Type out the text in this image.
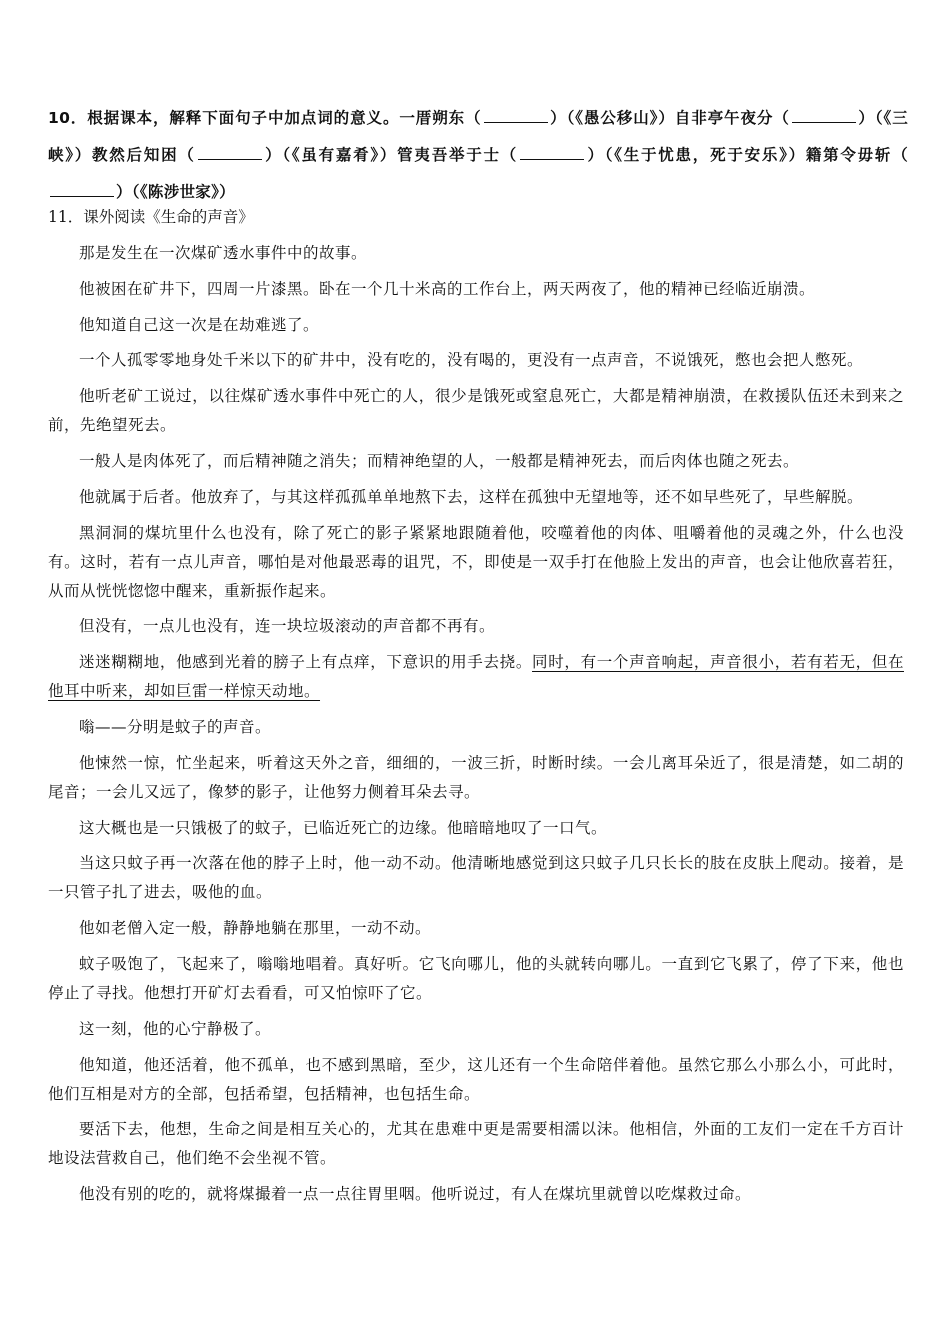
10．根据课本，解释下面句子中加点词的意义。一厝朔东（	）（《愚公移山》）自非亭午夜分（	）（《三峡》）教然后知困（	）（《虽有嘉肴》）管夷吾举于士（	）（《生于忧患，死于安乐》）籍第令毋斩（）（《陈涉世家》）
11．课外阅读《生命的声音》

那是发生在一次煤矿透水事件中的故事。

他被困在矿井下，四周一片漆黑。卧在一个几十米高的工作台上，两天两夜了，他的精神已经临近崩溃。

他知道自己这一次是在劫难逃了。

一个人孤零零地身处千米以下的矿井中，没有吃的，没有喝的，更没有一点声音，不说饿死，憋也会把人憋死。

他听老矿工说过，以往煤矿透水事件中死亡的人，很少是饿死或窒息死亡，大都是精神崩溃，在救援队伍还未到来之前，先绝望死去。

一般人是肉体死了，而后精神随之消失；而精神绝望的人，一般都是精神死去，而后肉体也随之死去。

他就属于后者。他放弃了，与其这样孤孤单单地熬下去，这样在孤独中无望地等，还不如早些死了，早些解脱。

黑洞洞的煤坑里什么也没有，除了死亡的影子紧紧地跟随着他，咬噬着他的肉体、咀嚼着他的灵魂之外，什么也没有。这时，若有一点儿声音，哪怕是对他最恶毒的诅咒，不，即使是一双手打在他脸上发出的声音，也会让他欣喜若狂，从而从恍恍惚惚中醒来，重新振作起来。

但没有，一点儿也没有，连一块垃圾滚动的声音都不再有。

迷迷糊糊地，他感到光着的膀子上有点痒，下意识的用手去挠。同时，有一个声音响起，声音很小，若有若无，但在他耳中听来，却如巨雷一样惊天动地。

嗡——分明是蚊子的声音。

他悚然一惊，忙坐起来，听着这天外之音，细细的，一波三折，时断时续。一会儿离耳朵近了，很是清楚，如二胡的尾音；一会儿又远了，像梦的影子，让他努力侧着耳朵去寻。

这大概也是一只饿极了的蚊子，已临近死亡的边缘。他暗暗地叹了一口气。

当这只蚊子再一次落在他的脖子上时，他一动不动。他清晰地感觉到这只蚊子几只长长的肢在皮肤上爬动。接着，是一只管子扎了进去，吸他的血。

他如老僧入定一般，静静地躺在那里，一动不动。

蚊子吸饱了，飞起来了，嗡嗡地唱着。真好听。它飞向哪儿，他的头就转向哪儿。一直到它飞累了，停了下来，他也停止了寻找。他想打开矿灯去看看，可又怕惊吓了它。

这一刻，他的心宁静极了。

他知道，他还活着，他不孤单，也不感到黑暗，至少，这儿还有一个生命陪伴着他。虽然它那么小那么小，可此时，他们互相是对方的全部，包括希望，包括精神，也包括生命。

要活下去，他想，生命之间是相互关心的，尤其在患难中更是需要相濡以沫。他相信，外面的工友们一定在千方百计地设法营救自己，他们绝不会坐视不管。

他没有别的吃的，就将煤撮着一点一点往胃里咽。他听说过，有人在煤坑里就曾以吃煤救过命。
